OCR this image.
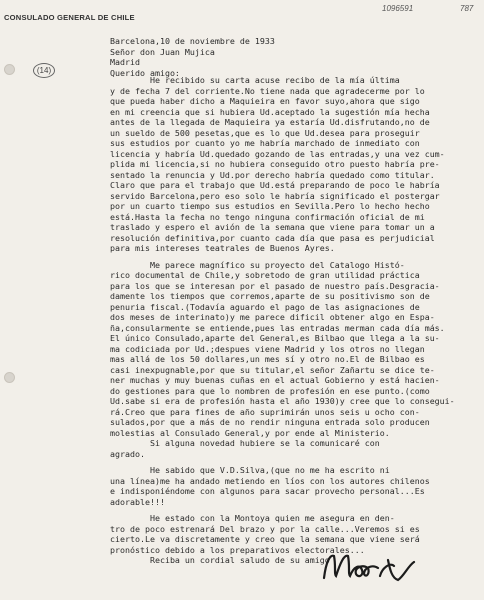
CONSULADO GENERAL DE CHILE
1096591	787
(14)
Barcelona,10 de noviembre de 1933
Señor don Juan Mujica
Madrid
Querido amigo:
He recibido su carta acuse recibo de la mía última
y de fecha 7 del corriente.No tiene nada que agradecerme por lo
que pueda haber dicho a Maquieira en favor suyo,ahora que sigo
en mi creencia que si hubiera Ud.aceptado la sugestión mía hecha
antes de la llegada de Maquieira ya estaría Ud.disfrutando,no de
un sueldo de 500 pesetas,que es lo que Ud.desea para proseguir
sus estudios por cuanto yo me habría marchado de inmediato con
licencia y habría Ud.quedado gozando de las entradas,y una vez cum-
plida mi licencia,si no hubiera conseguido otro puesto habría pre-
sentado la renuncia y Ud.por derecho habría quedado como titular.
Claro que para el trabajo que Ud.está preparando de poco le habría
servido Barcelona,pero eso solo le habría significado el postergar
por un cuarto tiempo sus estudios en Sevilla.Pero lo hecho hecho
está.Hasta la fecha no tengo ninguna confirmación oficial de mi
traslado y espero el avión de la semana que viene para tomar un a
resolución definitiva,por cuanto cada día que pasa es perjudicial
para mis intereses teatrales de Buenos Ayres.
Me parece magnífico su proyecto del Catalogo Histó-
rico documental de Chile,y sobretodo de gran utilidad práctica
para los que se interesan por el pasado de nuestro país.Desgracia-
damente los tiempos que corremos,aparte de su positivismo son de
penuria fiscal.(Todavía aguardo el pago de las asignaciones de
dos meses de interinato)y me parece dificil obtener algo en Espa-
ña,consularmente se entiende,pues las entradas merman cada día más.
El único Consulado,aparte del General,es Bilbao que llega a la su-
ma codiciada por Ud.;despues viene Madrid y los otros no llegan
mas allá de los 50 dollares,un mes sí y otro no.El de Bilbao es
casi inexpugnable,por que su titular,el señor Zañartu se dice te-
ner muchas y muy buenas cuñas en el actual Gobierno y está hacien-
do gestiones para que lo nombren de profesión en ese punto.(como
Ud.sabe si era de profesión hasta el año 1930)y cree que lo consegui-
rá.Creo que para fines de año suprimirán unos seis u ocho con-
sulados,por que a más de no rendir ninguna entrada solo producen
molestias al Consulado General,y por ende al Ministerio.
Si alguna novedad hubiere se la comunicaré con
agrado.
He sabido que V.D.Silva,(que no me ha escrito ni
una línea)me ha andado metiendo en líos con los autores chilenos
e indisponiéndome con algunos para sacar provecho personal...Es
adorable!!!
He estado con la Montoya quien me asegura en den-
tro de poco estrenará Del brazo y por la calle...Veremos si es
cierto.Le va discretamente y creo que la semana que viene será
pronóstico debido a los preparativos electorales...
Reciba un cordial saludo de su amigo
